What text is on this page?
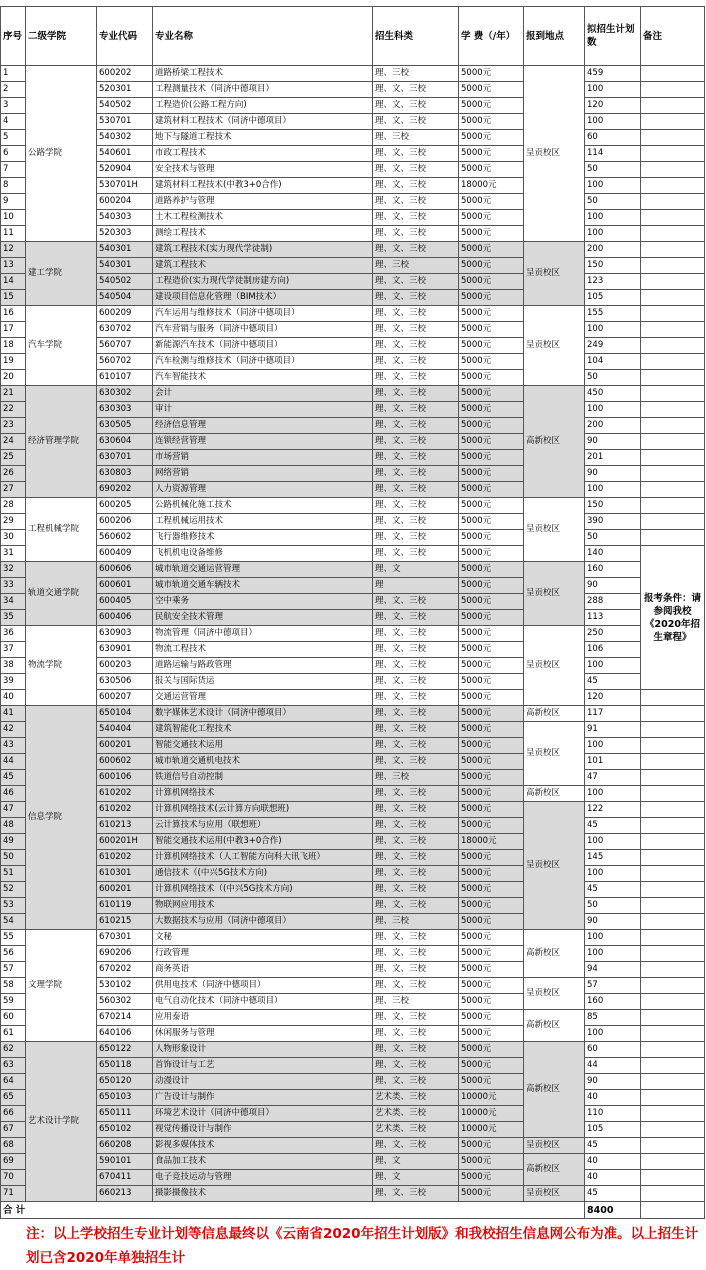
序号	二级学院	专业代码	专业名称	招生科类	学 费（/年）	报到地点	拟招生计划数	备注
1	公路学院	600202	道路桥梁工程技术	理、三校	5000元	呈贡校区	459	
2		520301	工程测量技术（同济中德项目）	理、文、三校	5000元		100	
3		540502	工程造价(公路工程方向)	理、文、三校	5000元		120	
4		530701	建筑材料工程技术（同济中德项目）	理、文、三校	5000元		100	
5		540302	地下与隧道工程技术	理、三校	5000元		60	
6		540601	市政工程技术	理、文、三校	5000元		114	
7		520904	安全技术与管理	理、文、三校	5000元		50	
8		530701H	建筑材料工程技术(中教3+0合作)	理、文、三校	18000元		100	
9		600204	道路养护与管理	理、文、三校	5000元		50	
10		540303	土木工程检测技术	理、文、三校	5000元		100	
11		520303	测绘工程技术	理、文、三校	5000元		100	
12	建工学院	540301	建筑工程技术(实力现代学徒制)	理、文、三校	5000元	呈贡校区	200	
13		540301	建筑工程技术	理、三校	5000元		150	
14		540502	工程造价(实力现代学徒制房建方向)	理、文、三校	5000元		123	
15		540504	建设项目信息化管理（BIM技术）	理、文、三校	5000元		105	
16	汽车学院	600209	汽车运用与维修技术（同济中德项目）	理、文、三校	5000元	呈贡校区	155	
17		630702	汽车营销与服务（同济中德项目）	理、文、三校	5000元		100	
18		560707	新能源汽车技术（同济中德项目）	理、文、三校	5000元		249	
19		560702	汽车检测与维修技术（同济中德项目）	理、文、三校	5000元		104	
20		610107	汽车智能技术	理、文、三校	5000元		50	
21	经济管理学院	630302	会计	理、文、三校	5000元	高新校区	450	
22		630303	审计	理、文、三校	5000元		100	
23		630505	经济信息管理	理、文、三校	5000元		200	
24		630604	连锁经营管理	理、文、三校	5000元		90	
25		630701	市场营销	理、文、三校	5000元		201	
26		630803	网络营销	理、文、三校	5000元		90	
27		690202	人力资源管理	理、文、三校	5000元		100	
28	工程机械学院	600205	公路机械化施工技术	理、文、三校	5000元	呈贡校区	150	
29		600206	工程机械运用技术	理、文、三校	5000元		390	
30		560602	飞行器维修技术	理、文、三校	5000元		50	
31		600409	飞机机电设备维修	理、文、三校	5000元		140	报考条件：请参阅我校《2020年招生章程》
32	轨道交通学院	600606	城市轨道交通运营管理	理、文	5000元	呈贡校区	160	
33		600601	城市轨道交通车辆技术	理	5000元		90	
34		600405	空中乘务	理、文、三校	5000元		288	
35		600406	民航安全技术管理	理、文、三校	5000元		113	
36	物流学院	630903	物流管理（同济中德项目）	理、文、三校	5000元	呈贡校区	250	
37		630901	物流工程技术	理、文、三校	5000元		106	
38		600203	道路运输与路政管理	理、文、三校	5000元		100	
39		630506	报关与国际货运	理、文、三校	5000元		45	
40		600207	交通运营管理	理、文、三校	5000元		120	
41	信息学院	650104	数字媒体艺术设计（同济中德项目）	理、文、三校	5000元	高新校区	117	
42		540404	建筑智能化工程技术	理、文、三校	5000元	呈贡校区	91	
43		600201	智能交通技术运用	理、文、三校	5000元		100	
44		600602	城市轨道交通机电技术	理、文、三校	5000元		101	
45		600106	铁道信号自动控制	理、三校	5000元		47	
46		610202	计算机网络技术	理、文、三校	5000元	高新校区	100	
47		610202	计算机网络技术(云计算方向联想班)	理、文、三校	5000元	呈贡校区	122	
48		610213	云计算技术与应用（联想班）	理、文、三校	5000元		45	
49		600201H	智能交通技术运用(中教3+0合作)	理、文、三校	18000元		100	
50		610202	计算机网络技术（人工智能方向科大讯飞班）	理、文、三校	5000元		145	
51		610301	通信技术（(中兴5G技术方向)	理、文、三校	5000元		100	
52		600201	计算机网络技术（(中兴5G技术方向)	理、文、三校	5000元		45	
53		610119	物联网应用技术	理、文、三校	5000元		50	
54		610215	大数据技术与应用（同济中德项目）	理、三校	5000元		90	
55	文理学院	670301	文秘	理、文、三校	5000元	高新校区	100	
56		690206	行政管理	理、文、三校	5000元		100	
57		670202	商务英语	理、文、三校	5000元		94	
58		530102	供用电技术（同济中德项目）	理、文、三校	5000元	呈贡校区	57	
59		560302	电气自动化技术（同济中德项目）	理、三校	5000元		160	
60		670214	应用泰语	理、文、三校	5000元	高新校区	85	
61		640106	休闲服务与管理	理、文、三校	5000元		100	
62	艺术设计学院	650122	人物形象设计	理、文、三校	5000元	高新校区	60	
63		650118	首饰设计与工艺	理、文、三校	5000元		44	
64		650120	动漫设计	理、文、三校	5000元		90	
65		650103	广告设计与制作	艺术类、三校	10000元		40	
66		650111	环境艺术设计（同济中德项目）	艺术类、三校	10000元		110	
67		650102	视觉传播设计与制作	艺术类、三校	10000元		105	
68		660208	影视多媒体技术	理、文、三校	5000元	呈贡校区	45	
69		590101	食品加工技术	理、文	5000元	高新校区	40	
70		670411	电子竞技运动与管理	理、文	5000元		40	
71		660213	摄影摄像技术	理、文、三校	5000元	呈贡校区	45	
合 计							8400	
注：以上学校招生专业计划等信息最终以《云南省2020年招生计划版》和我校招生信息网公布为准。以上招生计划已含2020年单独招生计
